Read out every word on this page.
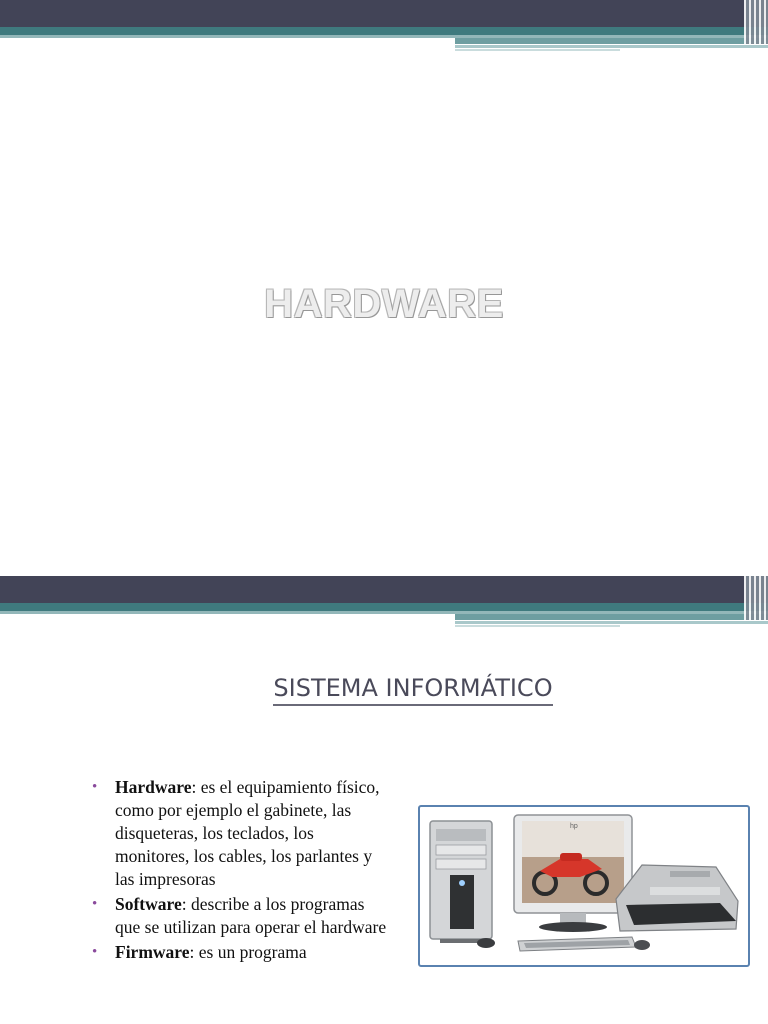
HARDWARE
SISTEMA INFORMÁTICO
• Hardware: es el equipamiento físico, como por ejemplo el gabinete, las disqueteras, los teclados, los monitores, los cables, los parlantes y las impresoras
• Software: describe a los programas que se utilizan para operar el hardware
• Firmware: es un programa
hp
